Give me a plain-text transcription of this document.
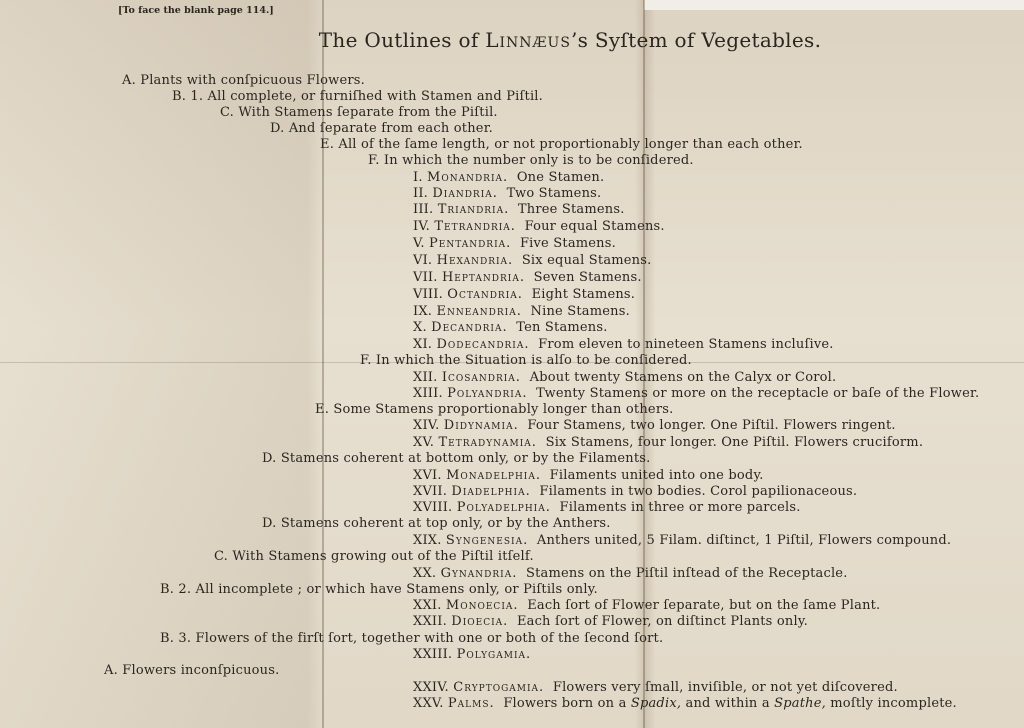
[To face the blank page 114.]
The Outlines of Linnæus’s Syſtem of Vegetables.
A. Plants with conſpicuous Flowers.
B. 1. All complete, or furniſhed with Stamen and Piſtil.
C. With Stamens ſeparate from the Piſtil.
D. And ſeparate from each other.
E. All of the ſame length, or not proportionably longer than each other.
F. In which the number only is to be conſidered.
I. Monandria. One Stamen.
II. Diandria. Two Stamens.
III. Triandria. Three Stamens.
IV. Tetrandria. Four equal Stamens.
V. Pentandria. Five Stamens.
VI. Hexandria. Six equal Stamens.
VII. Heptandria. Seven Stamens.
VIII. Octandria. Eight Stamens.
IX. Enneandria. Nine Stamens.
X. Decandria. Ten Stamens.
XI. Dodecandria. From eleven to nineteen Stamens incluſive.
F. In which the Situation is alſo to be conſidered.
XII. Icosandria. About twenty Stamens on the Calyx or Corol.
XIII. Polyandria. Twenty Stamens or more on the receptacle or baſe of the Flower.
E. Some Stamens proportionably longer than others.
XIV. Didynamia. Four Stamens, two longer. One Piſtil. Flowers ringent.
XV. Tetradynamia. Six Stamens, four longer. One Piſtil. Flowers cruciform.
D. Stamens coherent at bottom only, or by the Filaments.
XVI. Monadelphia. Filaments united into one body.
XVII. Diadelphia. Filaments in two bodies. Corol papilionaceous.
XVIII. Polyadelphia. Filaments in three or more parcels.
D. Stamens coherent at top only, or by the Anthers.
XIX. Syngenesia. Anthers united, 5 Filam. diſtinct, 1 Piſtil, Flowers compound.
C. With Stamens growing out of the Piſtil itſelf.
XX. Gynandria. Stamens on the Piſtil inſtead of the Receptacle.
B. 2. All incomplete ; or which have Stamens only, or Piſtils only.
XXI. Monoecia. Each ſort of Flower ſeparate, but on the ſame Plant.
XXII. Dioecia. Each ſort of Flower, on diſtinct Plants only.
B. 3. Flowers of the firſt ſort, together with one or both of the ſecond ſort.
XXIII. Polygamia.
A. Flowers inconſpicuous.
XXIV. Cryptogamia. Flowers very ſmall, inviſible, or not yet diſcovered.
XXV. Palms. Flowers born on a Spadix, and within a Spathe, moſtly incomplete.
